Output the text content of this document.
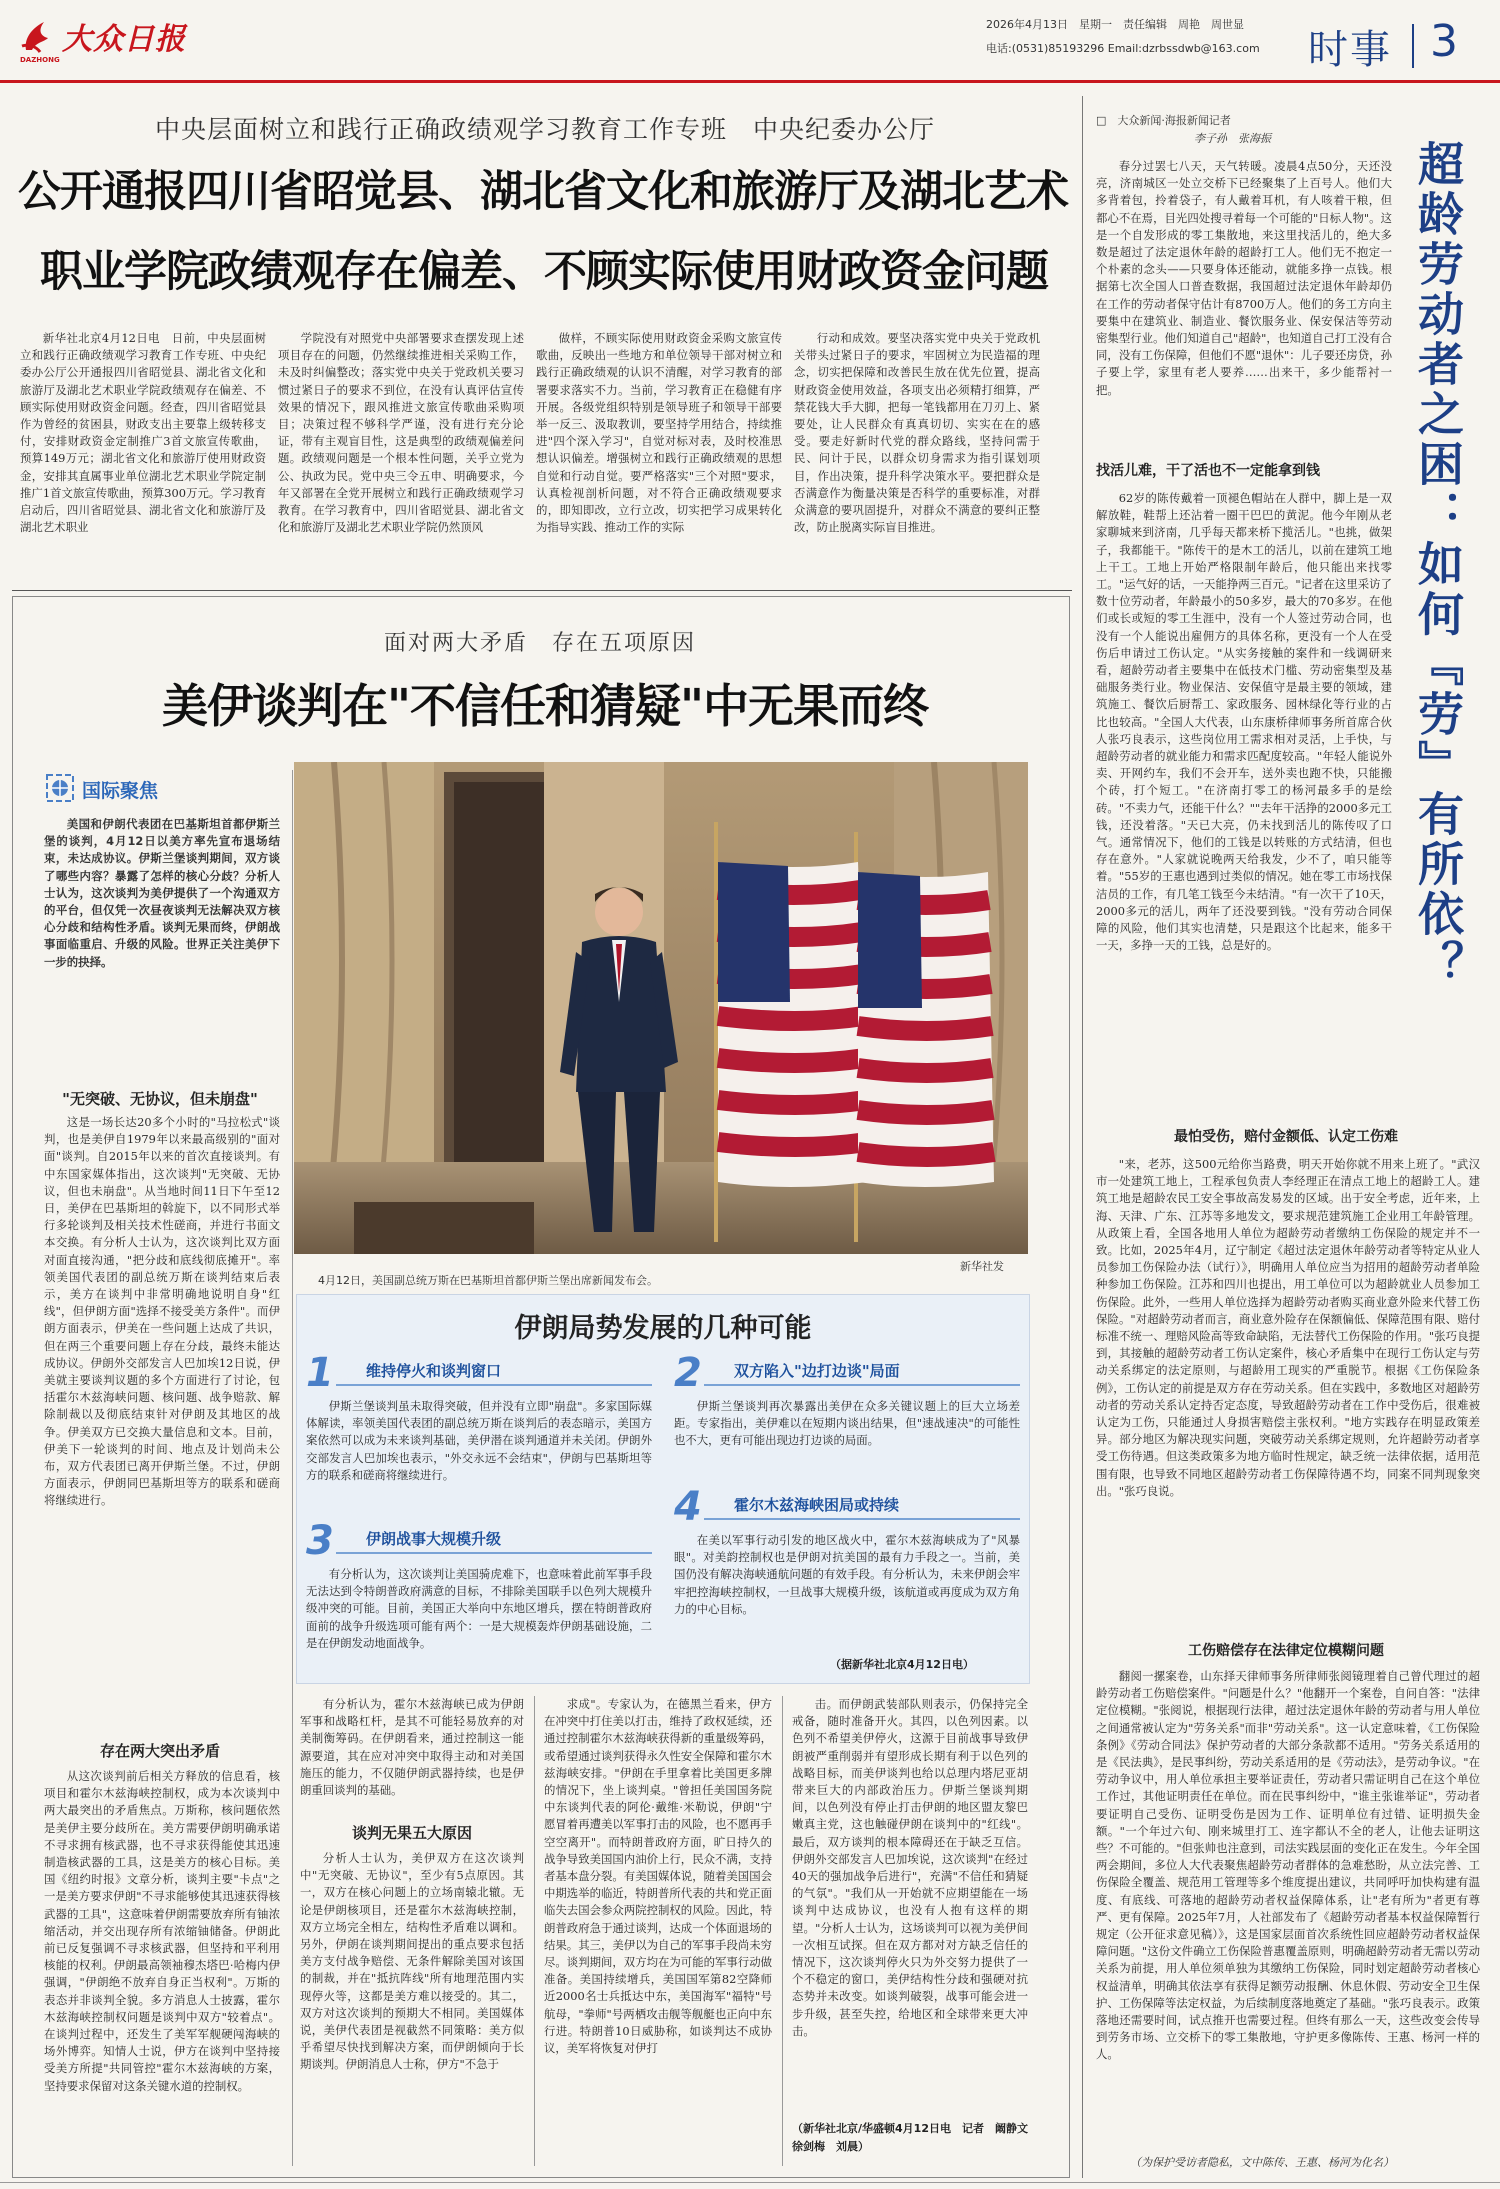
大众日报
DAZHONG
2026年4月13日　星期一　责任编辑　周艳　周世显
电话:(0531)85193296 Email:dzrbssdwb@163.com 时事 3
中央层面树立和践行正确政绩观学习教育工作专班　中央纪委办公厅
公开通报四川省昭觉县、湖北省文化和旅游厅及湖北艺术
职业学院政绩观存在偏差、不顾实际使用财政资金问题
新华社北京4月12日电　日前，中央层面树立和践行正确政绩观学习教育工作专班、中央纪委办公厅公开通报四川省昭觉县、湖北省文化和旅游厅及湖北艺术职业学院政绩观存在偏差、不顾实际使用财政资金问题。经查，四川省昭觉县作为曾经的贫困县，财政支出主要靠上级转移支付，安排财政资金定制推广3首文旅宣传歌曲，预算149万元；湖北省文化和旅游厅使用财政资金，安排其直属事业单位湖北艺术职业学院定制推广1首文旅宣传歌曲，预算300万元。学习教育启动后，四川省昭觉县、湖北省文化和旅游厅及湖北艺术职业
学院没有对照党中央部署要求查摆发现上述项目存在的问题，仍然继续推进相关采购工作，未及时纠偏整改；落实党中央关于党政机关要习惯过紧日子的要求不到位，在没有认真评估宣传效果的情况下，跟风推进文旅宣传歌曲采购项目；决策过程不够科学严谨，没有进行充分论证，带有主观盲目性，这是典型的政绩观偏差问题。政绩观问题是一个根本性问题，关乎立党为公、执政为民。党中央三令五申、明确要求，今年又部署在全党开展树立和践行正确政绩观学习教育。在学习教育中，四川省昭觉县、湖北省文化和旅游厅及湖北艺术职业学院仍然顶风
做样，不顾实际使用财政资金采购文旅宣传歌曲，反映出一些地方和单位领导干部对树立和践行正确政绩观的认识不清醒，对学习教育的部署要求落实不力。当前，学习教育正在稳健有序开展。各级党组织特别是领导班子和领导干部要举一反三、汲取教训，要坚持学用结合，持续推进"四个深入学习"，自觉对标对表，及时校准思想认识偏差。增强树立和践行正确政绩观的思想自觉和行动自觉。要严格落实"三个对照"要求，认真检视剖析问题，对不符合正确政绩观要求的，即知即改，立行立改，切实把学习成果转化为指导实践、推动工作的实际
行动和成效。要坚决落实党中央关于党政机关带头过紧日子的要求，牢固树立为民造福的理念，切实把保障和改善民生放在优先位置，提高财政资金使用效益，各项支出必须精打细算，严禁花钱大手大脚，把每一笔钱都用在刀刃上、紧要处，让人民群众有真真切切、实实在在的感受。要走好新时代党的群众路线，坚持问需于民、问计于民，以群众切身需求为指引谋划项目，作出决策，提升科学决策水平。要把群众是否满意作为衡量决策是否科学的重要标准，对群众满意的要巩固提升，对群众不满意的要纠正整改，防止脱离实际盲目推进。
面对两大矛盾　存在五项原因
美伊谈判在"不信任和猜疑"中无果而终
国际聚焦
美国和伊朗代表团在巴基斯坦首都伊斯兰堡的谈判，4月12日以美方率先宣布退场结束，未达成协议。伊斯兰堡谈判期间，双方谈了哪些内容？暴露了怎样的核心分歧？分析人士认为，这次谈判为美伊提供了一个沟通双方的平台，但仅凭一次昼夜谈判无法解决双方核心分歧和结构性矛盾。谈判无果而终，伊朗战事面临重启、升级的风险。世界正关注美伊下一步的抉择。
"无突破、无协议，但未崩盘"
这是一场长达20多个小时的"马拉松式"谈判，也是美伊自1979年以来最高级别的"面对面"谈判。自2015年以来的首次直接谈判。有中东国家媒体指出，这次谈判"无突破、无协议，但也未崩盘"。从当地时间11日下午至12日，美伊在巴基斯坦的斡旋下，以不同形式举行多轮谈判及相关技术性磋商，并进行书面文本交换。有分析人士认为，这次谈判比双方面对面直接沟通，"把分歧和底线彻底摊开"。率领美国代表团的副总统万斯在谈判结束后表示，美方在谈判中非常明确地说明自身"红线"，但伊朗方面"选择不接受美方条件"。而伊朗方面表示，伊美在一些问题上达成了共识，但在两三个重要问题上存在分歧，最终未能达成协议。伊朗外交部发言人巴加埃12日说，伊美就主要谈判议题的多个方面进行了讨论，包括霍尔木兹海峡问题、核问题、战争赔款、解除制裁以及彻底结束针对伊朗及其地区的战争。伊美双方已交换大量信息和文本。目前，伊美下一轮谈判的时间、地点及计划尚未公布，双方代表团已离开伊斯兰堡。不过，伊朗方面表示，伊朗同巴基斯坦等方的联系和磋商将继续进行。
存在两大突出矛盾
从这次谈判前后相关方释放的信息看，核项目和霍尔木兹海峡控制权，成为本次谈判中两大最突出的矛盾焦点。万斯称，核问题依然是美伊主要分歧所在。美方需要伊朗明确承诺不寻求拥有核武器，也不寻求获得能使其迅速制造核武器的工具，这是美方的核心目标。美国《纽约时报》文章分析，谈判主要"卡点"之一是美方要求伊朗"不寻求能够使其迅速获得核武器的工具"，这意味着伊朗需要放弃所有铀浓缩活动，并交出现存所有浓缩铀储备。伊朗此前已反复强调不寻求核武器，但坚持和平利用核能的权利。伊朗最高领袖穆杰塔巴·哈梅内伊强调，"伊朗绝不放弃自身正当权利"。万斯的表态并非谈判全貌。多方消息人士披露，霍尔木兹海峡控制权问题是谈判中双方"较着点"。在谈判过程中，还发生了美军军舰硬闯海峡的场外博弈。知情人士说，伊方在谈判中坚持接受美方所提"共同管控"霍尔木兹海峡的方案，坚持要求保留对这条关键水道的控制权。
新华社发
4月12日，美国副总统万斯在巴基斯坦首都伊斯兰堡出席新闻发布会。
伊朗局势发展的几种可能
1 维持停火和谈判窗口
伊斯兰堡谈判虽未取得突破，但并没有立即"崩盘"。多家国际媒体解读，率领美国代表团的副总统万斯在谈判后的表态暗示，美国方案依然可以成为未来谈判基础，美伊潜在谈判通道并未关闭。伊朗外交部发言人巴加埃也表示，"外交永远不会结束"，伊朗与巴基斯坦等方的联系和磋商将继续进行。
2 双方陷入"边打边谈"局面
伊斯兰堡谈判再次暴露出美伊在众多关键议题上的巨大立场差距。专家指出，美伊难以在短期内谈出结果，但"速战速决"的可能性也不大，更有可能出现边打边谈的局面。
3 伊朗战事大规模升级
有分析认为，这次谈判让美国骑虎难下，也意味着此前军事手段无法达到令特朗普政府满意的目标，不排除美国联手以色列大规模升级冲突的可能。目前，美国正大举向中东地区增兵，摆在特朗普政府面前的战争升级选项可能有两个：一是大规模轰炸伊朗基础设施，二是在伊朗发动地面战争。
4 霍尔木兹海峡困局或持续
在美以军事行动引发的地区战火中，霍尔木兹海峡成为了"风暴眼"。对美韵控制权也是伊朗对抗美国的最有力手段之一。当前，美国仍没有解决海峡通航问题的有效手段。有分析认为，未来伊朗会牢牢把控海峡控制权，一旦战事大规模升级，该航道或再度成为双方角力的中心目标。
（据新华社北京4月12日电）
有分析认为，霍尔木兹海峡已成为伊朗军事和战略杠杆，是其不可能轻易放弃的对美制衡筹码。在伊朗看来，通过控制这一能源要道，其在应对冲突中取得主动和对美国施压的能力，不仅随伊朗武器持续，也是伊朗重回谈判的基础。
谈判无果五大原因
分析人士认为，美伊双方在这次谈判中"无突破、无协议"，至少有5点原因。其一，双方在核心问题上的立场南辕北辙。无论是伊朗核项目，还是霍尔木兹海峡控制，双方立场完全相左，结构性矛盾难以调和。另外，伊朗在谈判期间提出的重点要求包括美方支付战争赔偿、无条件解除美国对该国的制裁，并在"抵抗阵线"所有地理范围内实现停火等，这都是美方难以接受的。其二，双方对这次谈判的预期大不相同。美国媒体说，美伊代表团是视截然不同策略：美方似乎希望尽快找到解决方案，而伊朗倾向于长期谈判。伊朗消息人士称，伊方"不急于
求成"。专家认为，在德黑兰看来，伊方在冲突中打住美以打击，维持了政权延续，还通过控制霍尔木兹海峡获得新的重量级筹码，或希望通过谈判获得永久性安全保障和霍尔木兹海峡安排。"伊朗在手里拿着比美国更多牌的情况下，坐上谈判桌。"曾担任美国国务院中东谈判代表的阿伦·戴维·米勒说，伊朗"宁愿冒着再遭美以军事打击的风险，也不愿再手空空离开"。而特朗普政府方面，旷日持久的战争导致美国国内油价上行，民众不满，支持者基本盘分裂。有美国媒体说，随着美国国会中期选举的临近，特朗普所代表的共和党正面临失去国会参众两院控制权的风险。因此，特朗普政府急于通过谈判，达成一个体面退场的结果。其三，美伊以为自己的军事手段尚未穷尽。谈判期间，双方均在为可能的军事行动做准备。美国持续增兵，美国国军第82空降师近2000名士兵抵达中东，美国海军"福特"号航母，"拳师"号两栖攻击舰等舰艇也正向中东行进。特朗普10日威胁称，如谈判达不成协议，美军将恢复对伊打
击。而伊朗武装部队则表示，仍保持完全戒备，随时准备开火。其四，以色列因素。以色列不希望美伊停火，这源于目前战事导致伊朗被严重削弱并有望形成长期有利于以色列的战略目标，而美伊谈判也给以总理内塔尼亚胡带来巨大的内部政治压力。伊斯兰堡谈判期间，以色列没有停止打击伊朗的地区盟友黎巴嫩真主党，这也触碰伊朗在谈判中的"红线"。最后，双方谈判的根本障碍还在于缺乏互信。伊朗外交部发言人巴加埃说，这次谈判"在经过40天的强加战争后进行"，充满"不信任和猜疑的气氛"。"我们从一开始就不应期望能在一场谈判中达成协议，也没有人抱有这样的期望。"分析人士认为，这场谈判可以视为美伊间一次相互试探。但在双方都对对方缺乏信任的情况下，这次谈判停火只为外交努力提供了一个不稳定的窗口，美伊结构性分歧和强硬对抗态势并未改变。如谈判破裂，战事可能会进一步升级，甚至失控，给地区和全球带来更大冲击。
（新华社北京/华盛顿4月12日电　记者　阚静文　徐剑梅　刘晨）
□　大众新闻·海报新闻记者
李子孙　张海振
超龄劳动者之困：如何『劳』有所依？
春分过罢七八天，天气转暖。凌晨4点50分，天还没亮，济南城区一处立交桥下已经聚集了上百号人。他们大多背着包，拎着袋子，有人戴着耳机，有人咳着干粮，但都心不在焉，目光四处搜寻着每一个可能的"日标人物"。这是一个自发形成的零工集散地，来这里找活儿的，绝大多数是超过了法定退休年龄的超龄打工人。他们无不抱定一个朴素的念头——只要身体还能动，就能多挣一点钱。根据第七次全国人口普查数据，我国超过法定退休年龄却仍在工作的劳动者保守估计有8700万人。他们的务工方向主要集中在建筑业、制造业、餐饮服务业、保安保洁等劳动密集型行业。他们知道自己"超龄"，也知道自己打工没有合同，没有工伤保障，但他们不愿"退休"：儿子要还房贷，孙子要上学，家里有老人要养……出来干，多少能帮衬一把。
找活儿难，干了活也不一定能拿到钱
62岁的陈传戴着一顶褪色帽站在人群中，脚上是一双解放鞋，鞋帮上还沾着一圈干巴巴的黄泥。他今年刚从老家聊城来到济南，几乎每天都来桥下揽活儿。"也挑，做架子，我都能干。"陈传干的是木工的活儿，以前在建筑工地上干工。工地上开始严格限制年龄后，他只能出来找零工。"运气好的话，一天能挣两三百元。"记者在这里采访了数十位劳动者，年龄最小的50多岁，最大的70多岁。在他们或长或短的零工生涯中，没有一个人签过劳动合同，也没有一个人能说出雇佣方的具体名称，更没有一个人在受伤后申请过工伤认定。"从实务接触的案件和一线调研来看，超龄劳动者主要集中在低技术门槛、劳动密集型及基础服务类行业。物业保洁、安保值守是最主要的领域，建筑施工、餐饮后厨帮工、家政服务、园林绿化等行业的占比也较高。"全国人大代表，山东康桥律师事务所首席合伙人张巧良表示，这些岗位用工需求相对灵活，上手快，与超龄劳动者的就业能力和需求匹配度较高。"年轻人能说外卖、开网约车，我们不会开车，送外卖也跑不快，只能搬个砖，打个短工。"在济南打零工的杨河最多手的是绘砖。"不卖力气，还能干什么？""去年干活挣的2000多元工钱，还没着落。"天已大亮，仍未找到活儿的陈传叹了口气。通常情况下，他们的工钱是以转账的方式结清，但也存在意外。"人家就说晚两天给我发，少不了，咱只能等着。"55岁的王惠也遇到过类似的情况。她在零工市场找保洁员的工作，有几笔工钱至今未结清。"有一次干了10天，2000多元的活儿，两年了还没要到钱。"没有劳动合同保障的风险，他们其实也清楚，只是跟这个比起来，能多干一天，多挣一天的工钱，总是好的。
最怕受伤，赔付金额低、认定工伤难
"来，老苏，这500元给你当路费，明天开始你就不用来上班了。"武汉市一处建筑工地上，工程承包负责人李经理正在清点工地上的超龄工人。建筑工地是超龄农民工安全事故高发易发的区域。出于安全考虑，近年来，上海、天津、广东、江苏等多地发文，要求规范建筑施工企业用工年龄管理。从政策上看，全国各地用人单位为超龄劳动者缴纳工伤保险的规定并不一致。比如，2025年4月，辽宁制定《超过法定退休年龄劳动者等特定从业人员参加工伤保险办法（试行）》，明确用人单位应当为招用的超龄劳动者单险种参加工伤保险。江苏和四川也提出，用工单位可以为超龄就业人员参加工伤保险。此外，一些用人单位选择为超龄劳动者购买商业意外险来代替工伤保险。"对超龄劳动者而言，商业意外险存在保额偏低、保障范围有限、赔付标准不统一、理赔风险高等致命缺陷，无法替代工伤保险的作用。"张巧良提到，其接触的超龄劳动者工伤认定案件，核心矛盾集中在现行工伤认定与劳动关系绑定的法定原则，与超龄用工现实的严重脱节。根据《工伤保险条例》，工伤认定的前提是双方存在劳动关系。但在实践中，多数地区对超龄劳动者的劳动关系认定持否定态度，导致超龄劳动者在工作中受伤后，很难被认定为工伤，只能通过人身损害赔偿主张权利。"地方实践存在明显政策差异。部分地区为解决现实问题，突破劳动关系绑定规则，允许超龄劳动者享受工伤待遇。但这类政策多为地方临时性规定，缺乏统一法律依据，适用范围有限，也导致不同地区超龄劳动者工伤保障待遇不均，同案不同判现象突出。"张巧良说。
工伤赔偿存在法律定位模糊问题
翻阅一摞案卷，山东择天律师事务所律师张阅镜理着自己曾代理过的超龄劳动者工伤赔偿案件。"问题是什么？"他翻开一个案卷，自问自答："法律定位模糊。"张阅说，根据现行法律，超过法定退休年龄的劳动者与用人单位之间通常被认定为"劳务关系"而非"劳动关系"。这一认定意味着，《工伤保险条例》《劳动合同法》保护劳动者的大部分条款都不适用。"劳务关系适用的是《民法典》，是民事纠纷，劳动关系适用的是《劳动法》，是劳动争议。"在劳动争议中，用人单位承担主要举证责任，劳动者只需证明自己在这个单位工作过，其他证明责任在单位。而在民事纠纷中，"谁主张谁举证"，劳动者要证明自己受伤、证明受伤是因为工作、证明单位有过错、证明损失金额。"一个年过六旬、刚来城里打工、连字都认不全的老人，让他去证明这些？不可能的。"但张帅也注意到，司法实践层面的变化正在发生。今年全国两会期间，多位人大代表聚焦超龄劳动者群体的急难愁盼，从立法完善、工伤保险全覆盖、规范用工管理等多个维度提出建议，共同呼吁加快构建有温度、有底线、可落地的超龄劳动者权益保障体系，让"老有所为"者更有尊严、更有保障。2025年7月，人社部发布了《超龄劳动者基本权益保障暂行规定（公开征求意见稿）》，这是国家层面首次系统性回应超龄劳动者权益保障问题。"这份文件确立工伤保险普惠覆盖原则，明确超龄劳动者无需以劳动关系为前提，用人单位须单独为其缴纳工伤保险，同时划定超龄劳动者核心权益清单，明确其依法享有获得足额劳动报酬、休息休假、劳动安全卫生保护、工伤保障等法定权益，为后续制度落地奠定了基础。"张巧良表示。政策落地还需要时间，试点推开也需要过程。但终有那么一天，这些改变会传导到劳务市场、立交桥下的零工集散地，守护更多像陈传、王惠、杨河一样的人。
（为保护受访者隐私，文中陈传、王惠、杨河为化名）
